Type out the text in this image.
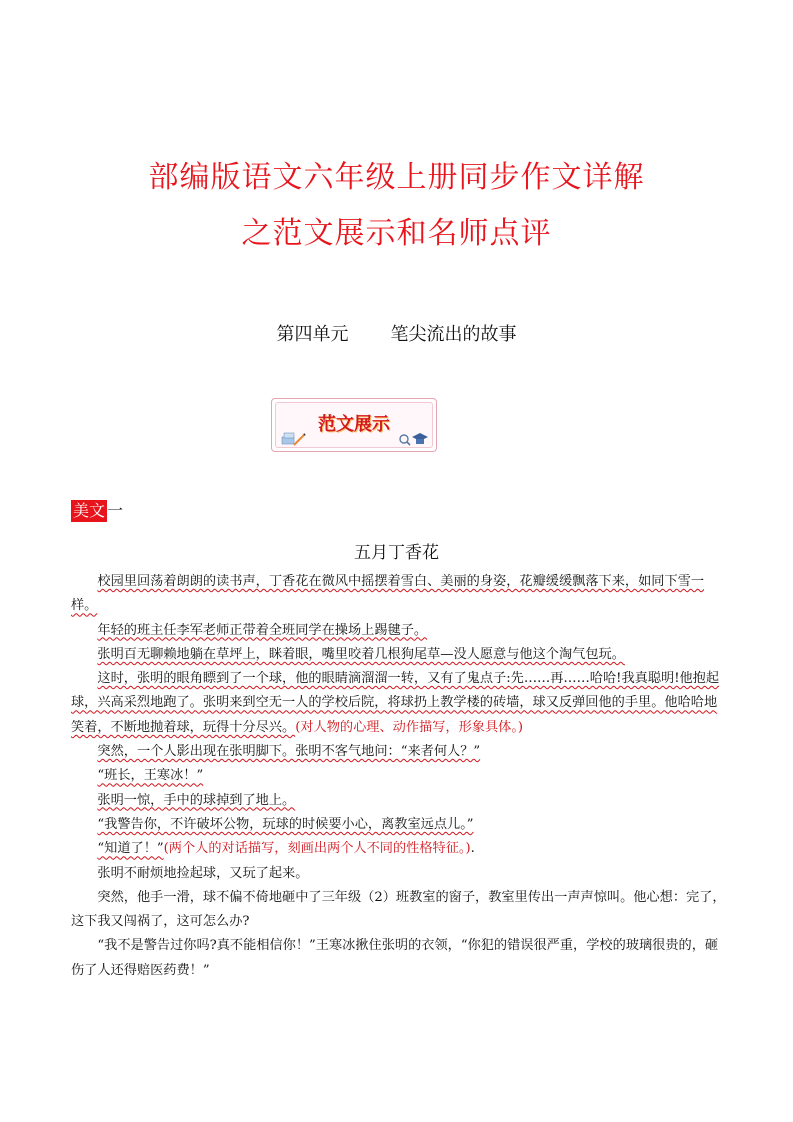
部编版语文六年级上册同步作文详解
之范文展示和名师点评
第四单元 笔尖流出的故事
范文展示
美文 一
五月丁香花

校园里回荡着朗朗的读书声，丁香花在微风中摇摆着雪白、美丽的身姿，花瓣缓缓飘落下来，如同下雪一样。

年轻的班主任李军老师正带着全班同学在操场上踢毽子。

张明百无聊赖地躺在草坪上，眯着眼，嘴里咬着几根狗尾草—没人愿意与他这个淘气包玩。

这时，张明的眼角瞟到了一个球，他的眼睛滴溜溜一转，又有了鬼点子:先……再……哈哈!我真聪明!他抱起球，兴高采烈地跑了。张明来到空无一人的学校后院，将球扔上教学楼的砖墙，球又反弹回他的手里。他哈哈地笑着，不断地抛着球，玩得十分尽兴。(对人物的心理、动作描写，形象具体。)

突然，一个人影出现在张明脚下。张明不客气地问：“来者何人？”

“班长，王寒冰！”

张明一惊，手中的球掉到了地上。

“我警告你，不许破坏公物，玩球的时候要小心，离教室远点儿。”

“知道了！”(两个人的对话描写，刻画出两个人不同的性格特征。).

张明不耐烦地捡起球，又玩了起来。

突然，他手一滑，球不偏不倚地砸中了三年级（2）班教室的窗子，教室里传出一声声惊叫。他心想：完了，这下我又闯祸了，这可怎么办?

“我不是警告过你吗?真不能相信你！”王寒冰揪住张明的衣领，“你犯的错误很严重，学校的玻璃很贵的，砸伤了人还得赔医药费！”
